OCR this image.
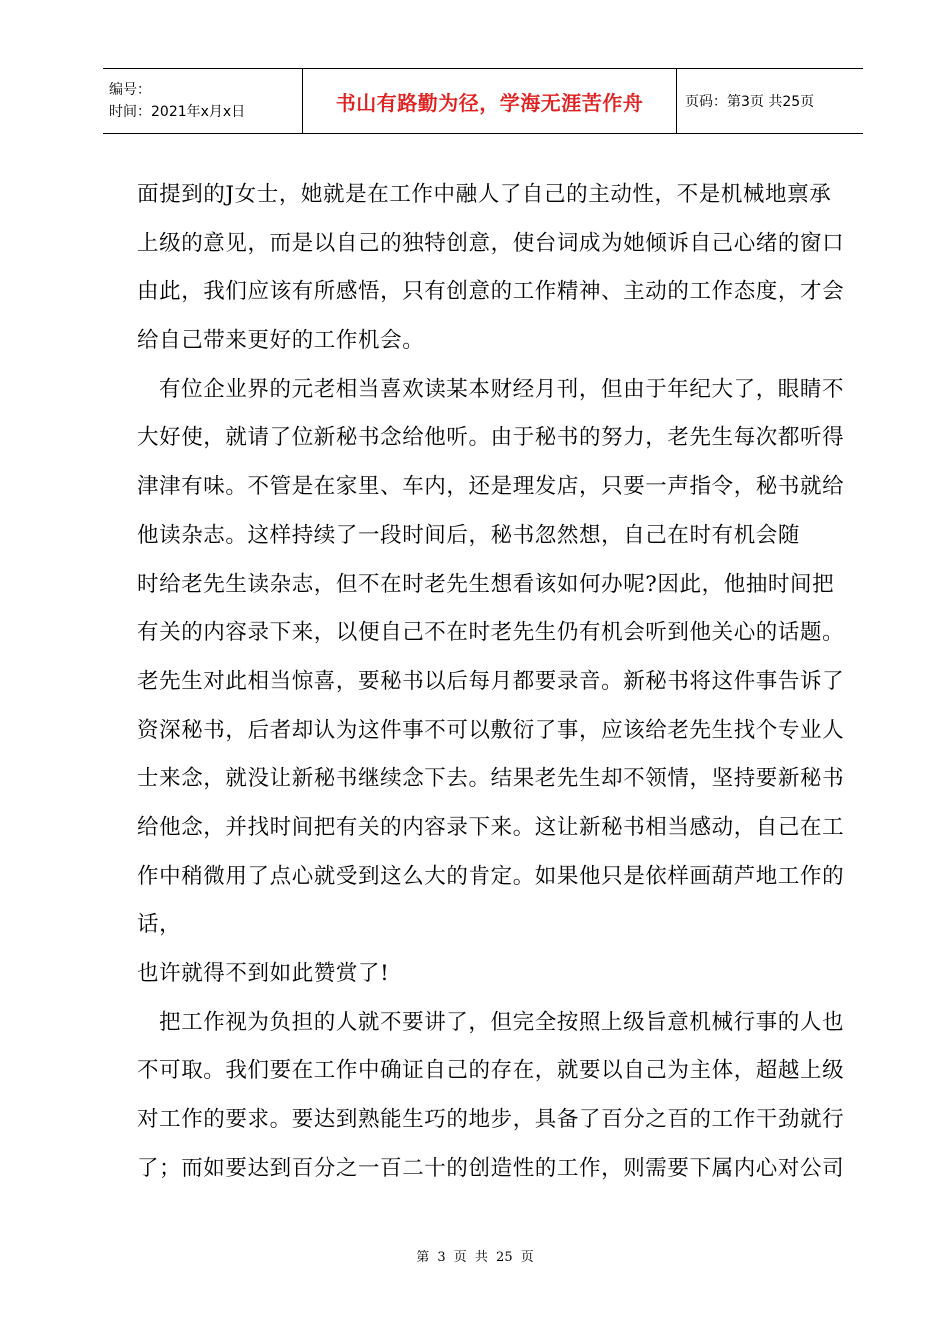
编号：
时间：2021年x月x日	书山有路勤为径，学海无涯苦作舟	页码：第3页 共25页
面提到的J女士，她就是在工作中融人了自己的主动性，不是机械地禀承
上级的意见，而是以自己的独特创意，使台词成为她倾诉自己心绪的窗口
由此，我们应该有所感悟，只有创意的工作精神、主动的工作态度，才会
给自己带来更好的工作机会。
有位企业界的元老相当喜欢读某本财经月刊，但由于年纪大了，眼睛不
大好使，就请了位新秘书念给他听。由于秘书的努力，老先生每次都听得
津津有味。不管是在家里、车内，还是理发店，只要一声指令，秘书就给
他读杂志。这样持续了一段时间后，秘书忽然想，自己在时有机会随
时给老先生读杂志，但不在时老先生想看该如何办呢?因此，他抽时间把
有关的内容录下来，以便自己不在时老先生仍有机会听到他关心的话题。
老先生对此相当惊喜，要秘书以后每月都要录音。新秘书将这件事告诉了
资深秘书，后者却认为这件事不可以敷衍了事，应该给老先生找个专业人
士来念，就没让新秘书继续念下去。结果老先生却不领情，坚持要新秘书
给他念，并找时间把有关的内容录下来。这让新秘书相当感动，自己在工
作中稍微用了点心就受到这么大的肯定。如果他只是依样画葫芦地工作的
话，
也许就得不到如此赞赏了!
把工作视为负担的人就不要讲了，但完全按照上级旨意机械行事的人也
不可取。我们要在工作中确证自己的存在，就要以自己为主体，超越上级
对工作的要求。要达到熟能生巧的地步，具备了百分之百的工作干劲就行
了；而如要达到百分之一百二十的创造性的工作，则需要下属内心对公司
第 3 页 共 25 页
